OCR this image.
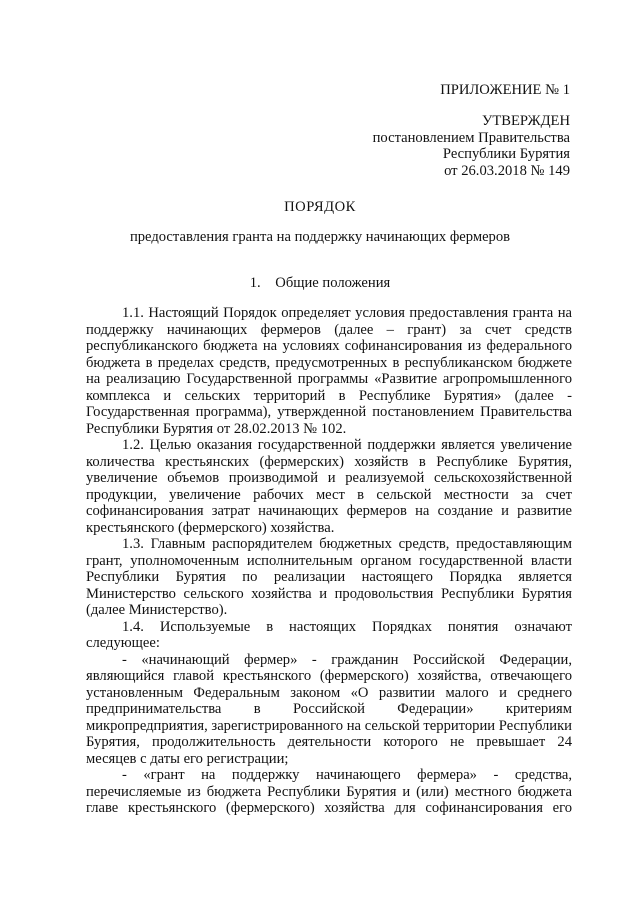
ПРИЛОЖЕНИЕ № 1
УТВЕРЖДЕН
постановлением Правительства
Республики Бурятия
от 26.03.2018 № 149
ПОРЯДОК
предоставления гранта на поддержку начинающих фермеров
1.    Общие положения

1.1. Настоящий Порядок определяет условия предоставления гранта на поддержку начинающих фермеров (далее – грант) за счет средств республиканского бюджета на условиях софинансирования из федерального бюджета в пределах средств, предусмотренных в республиканском бюджете на реализацию Государственной программы «Развитие агропромышленного комплекса и сельских территорий в Республике Бурятия» (далее - Государственная программа), утвержденной постановлением Правительства Республики Бурятия от 28.02.2013 № 102.

1.2. Целью оказания государственной поддержки является увеличение количества крестьянских (фермерских) хозяйств в Республике Бурятия, увеличение объемов производимой и реализуемой сельскохозяйственной продукции, увеличение рабочих мест в сельской местности за счет софинансирования затрат начинающих фермеров на создание и развитие крестьянского (фермерского) хозяйства.

1.3. Главным распорядителем бюджетных средств, предоставляющим грант, уполномоченным исполнительным органом государственной власти Республики Бурятия по реализации настоящего Порядка является Министерство сельского хозяйства и продовольствия Республики Бурятия (далее Министерство).

1.4. Используемые в настоящих Порядках понятия означают следующее:

- «начинающий фермер» - гражданин Российской Федерации, являющийся главой крестьянского (фермерского) хозяйства, отвечающего установленным Федеральным законом «О развитии малого и среднего предпринимательства в Российской Федерации» критериям микропредприятия, зарегистрированного на сельской территории Республики Бурятия, продолжительность деятельности которого не превышает 24 месяцев с даты его регистрации;

- «грант на поддержку начинающего фермера» - средства, перечисляемые из бюджета Республики Бурятия и (или) местного бюджета главе крестьянского (фермерского) хозяйства для софинансирования его
